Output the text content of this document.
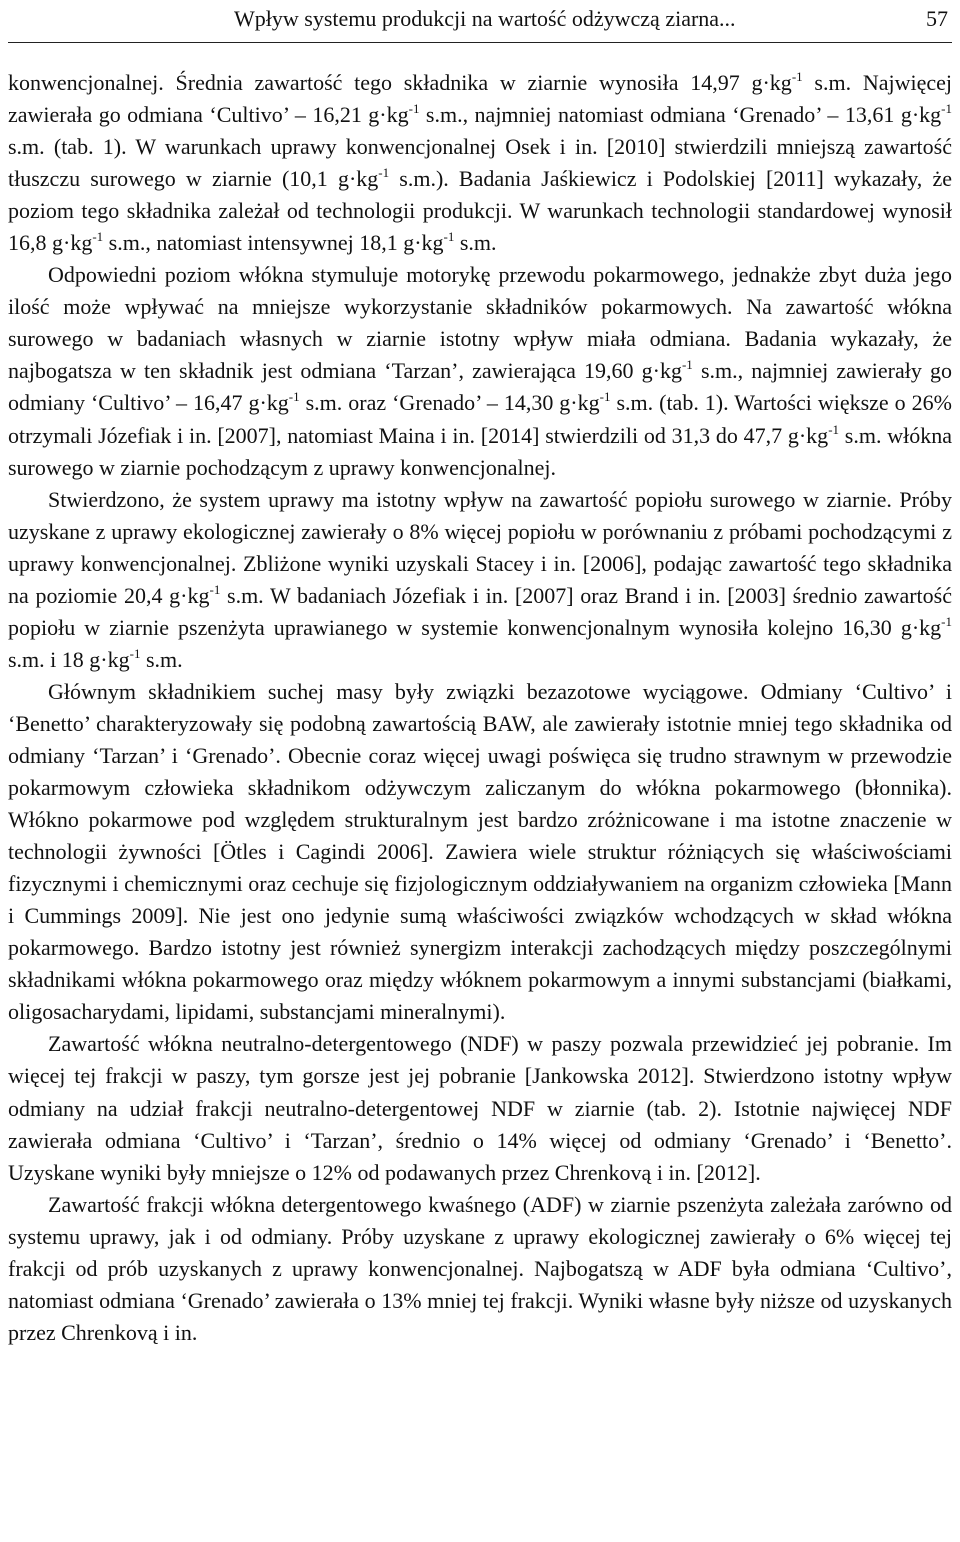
Wpływ systemu produkcji na wartość odżywczą ziarna...	57

konwencjonalnej. Średnia zawartość tego składnika w ziarnie wynosiła 14,97 $g\cdot kg^{-1}$ s.m. Najwięcej zawierała go odmiana ‘Cultivo’ – 16,21 $g\cdot kg^{-1}$ s.m., najmniej natomiast odmiana ‘Grenado’ – 13,61 $g\cdot kg^{-1}$ s.m. (tab. 1). W warunkach uprawy konwencjonalnej Osek i in. [2010] stwierdzili mniejszą zawartość tłuszczu surowego w ziarnie (10,1 $g\cdot kg^{-1}$ s.m.). Badania Jaśkiewicz i Podolskiej [2011] wykazały, że poziom tego składnika zależał od technologii produkcji. W warunkach technologii standardowej wynosił 16,8 $g\cdot kg^{-1}$ s.m., natomiast intensywnej 18,1 $g\cdot kg^{-1}$ s.m.

Odpowiedni poziom włókna stymuluje motorykę przewodu pokarmowego, jednakże zbyt duża jego ilość może wpływać na mniejsze wykorzystanie składników pokarmowych. Na zawartość włókna surowego w badaniach własnych w ziarnie istotny wpływ miała odmiana. Badania wykazały, że najbogatsza w ten składnik jest odmiana ‘Tarzan’, zawierająca 19,60 $g\cdot kg^{-1}$ s.m., najmniej zawierały go odmiany ‘Cultivo’ – 16,47 $g\cdot kg^{-1}$ s.m. oraz ‘Grenado’ – 14,30 $g\cdot kg^{-1}$ s.m. (tab. 1). Wartości większe o 26% otrzymali Józefiak i in. [2007], natomiast Maina i in. [2014] stwierdzili od 31,3 do 47,7 $g\cdot kg^{-1}$ s.m. włókna surowego w ziarnie pochodzącym z uprawy konwencjonalnej.

Stwierdzono, że system uprawy ma istotny wpływ na zawartość popiołu surowego w ziarnie. Próby uzyskane z uprawy ekologicznej zawierały o 8% więcej popiołu w porównaniu z próbami pochodzącymi z uprawy konwencjonalnej. Zbliżone wyniki uzyskali Stacey i in. [2006], podając zawartość tego składnika na poziomie 20,4 $g\cdot kg^{-1}$ s.m. W badaniach Józefiak i in. [2007] oraz Brand i in. [2003] średnio zawartość popiołu w ziarnie pszenżyta uprawianego w systemie konwencjonalnym wynosiła kolejno 16,30 $g\cdot kg^{-1}$ s.m. i 18 $g\cdot kg^{-1}$ s.m.

Głównym składnikiem suchej masy były związki bezazotowe wyciągowe. Odmiany ‘Cultivo’ i ‘Benetto’ charakteryzowały się podobną zawartością BAW, ale zawierały istotnie mniej tego składnika od odmiany ‘Tarzan’ i ‘Grenado’. Obecnie coraz więcej uwagi poświęca się trudno strawnym w przewodzie pokarmowym człowieka składnikom odżywczym zaliczanym do włókna pokarmowego (błonnika). Włókno pokarmowe pod względem strukturalnym jest bardzo zróżnicowane i ma istotne znaczenie w technologii żywności [Ötles i Cagindi 2006]. Zawiera wiele struktur różniących się właściwościami fizycznymi i chemicznymi oraz cechuje się fizjologicznym oddziaływaniem na organizm człowieka [Mann i Cummings 2009]. Nie jest ono jedynie sumą właściwości związków wchodzących w skład włókna pokarmowego. Bardzo istotny jest również synergizm interakcji zachodzących między poszczególnymi składnikami włókna pokarmowego oraz między włóknem pokarmowym a innymi substancjami (białkami, oligosacharydami, lipidami, substancjami mineralnymi).

Zawartość włókna neutralno-detergentowego (NDF) w paszy pozwala przewidzieć jej pobranie. Im więcej tej frakcji w paszy, tym gorsze jest jej pobranie [Jankowska 2012]. Stwierdzono istotny wpływ odmiany na udział frakcji neutralno-detergentowej NDF w ziarnie (tab. 2). Istotnie najwięcej NDF zawierała odmiana ‘Cultivo’ i ‘Tarzan’, średnio o 14% więcej od odmiany ‘Grenado’ i ‘Benetto’. Uzyskane wyniki były mniejsze o 12% od podawanych przez Chrenkovą i in. [2012].

Zawartość frakcji włókna detergentowego kwaśnego (ADF) w ziarnie pszenżyta zależała zarówno od systemu uprawy, jak i od odmiany. Próby uzyskane z uprawy ekologicznej zawierały o 6% więcej tej frakcji od prób uzyskanych z uprawy konwencjonalnej. Najbogatszą w ADF była odmiana ‘Cultivo’, natomiast odmiana ‘Grenado’ zawierała o 13% mniej tej frakcji. Wyniki własne były niższe od uzyskanych przez Chrenkovą i in.
